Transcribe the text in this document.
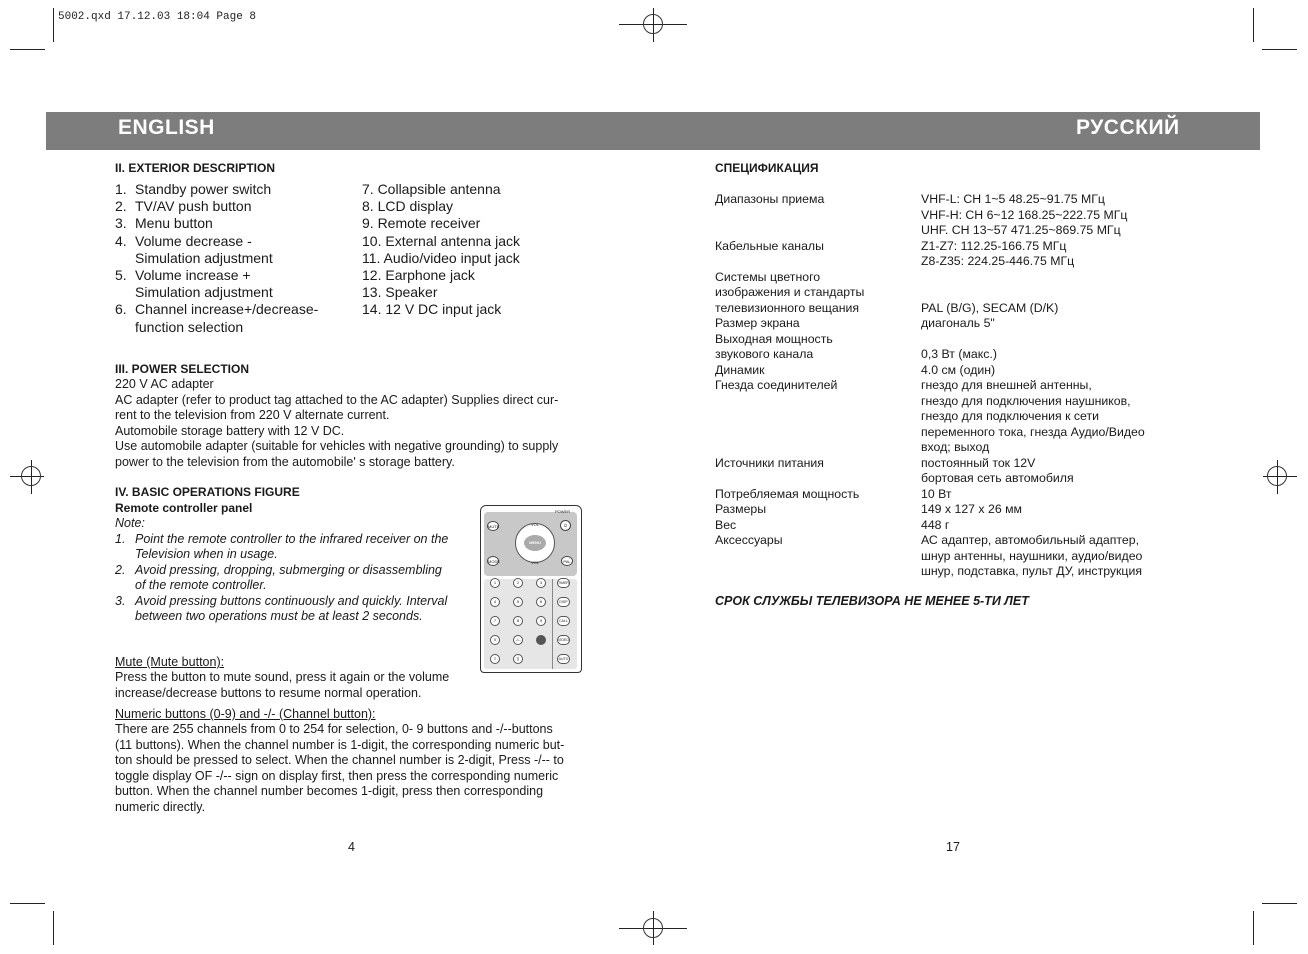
5002.qxd 17.12.03 18:04 Page 8
ENGLISH	РУССКИЙ
II. EXTERIOR DESCRIPTION
1. Standby power switch
2. TV/AV push button
3. Menu button
4. Volume decrease -
Simulation adjustment
5. Volume increase +
Simulation adjustment
6. Channel increase+/decrease-
function selection
7. Collapsible antenna
8. LCD display
9. Remote receiver
10. External antenna jack
11. Audio/video input jack
12. Earphone jack
13. Speaker
14. 12 V DC input jack
III. POWER SELECTION
220 V AC adapter
AC adapter (refer to product tag attached to the AC adapter) Supplies direct cur-
rent to the television from 220 V alternate current.
Automobile storage battery with 12 V DC.
Use automobile adapter (suitable for vehicles with negative grounding) to supply
power to the television from the automobile' s storage battery.
IV. BASIC OPERATIONS FIGURE
Remote controller panel
Note:
1. Point the remote controller to the infrared receiver on the
Television when in usage.
2. Avoid pressing, dropping, submerging or disassembling
of the remote controller.
3. Avoid pressing buttons continuously and quickly. Interval
between two operations must be at least 2 seconds.
POWER
⏻
MUTE
MENU
VOL
VOL
MODE	PAL
1	2	3
4	5	6
7	8	9
0	-/--
≡	∥
TIMER
DISP
CALL
VIDEO
AUTO
Mute (Mute button):
Press the button to mute sound, press it again or the volume
increase/decrease buttons to resume normal operation.
Numeric buttons (0-9) and -/- (Channel button):
There are 255 channels from 0 to 254 for selection, 0- 9 buttons and -/--buttons
(11 buttons). When the channel number is 1-digit, the corresponding numeric but-
ton should be pressed to select. When the channel number is 2-digit, Press -/-- to
toggle display OF -/-- sign on display first, then press the corresponding numeric
button. When the channel number becomes 1-digit, press then corresponding
numeric directly.
4
СПЕЦИФИКАЦИЯ
Диапазоны приема	VHF-L: CH 1~5 48.25~91.75 МГц
VHF-H: CH 6~12 168.25~222.75 МГц
UHF. CH 13~57 471.25~869.75 МГц
Кабельные каналы	Z1-Z7: 112.25-166.75 МГц
Z8-Z35: 224.25-446.75 МГц
Системы цветного
изображения и стандарты
телевизионного вещания	PAL (B/G), SECAM (D/K)
Размер экрана	диагональ 5"
Выходная мощность
звукового канала	0,3 Вт (макс.)
Динамик	4.0 см (один)
Гнезда соединителей	гнездо для внешней антенны,
гнездо для подключения наушников,
гнездо для подключения к сети
переменного тока, гнезда Аудио/Видео
вход; выход
Источники питания	постоянный ток 12V
бортовая сеть автомобиля
Потребляемая мощность	10 Вт
Размеры	149 x 127 x 26 мм
Вес	448 г
Аксессуары	АС адаптер, автомобильный адаптер,
шнур антенны, наушники, аудио/видео
шнур, подставка, пульт ДУ, инструкция
СРОК СЛУЖБЫ ТЕЛЕВИЗОРА НЕ МЕНЕЕ 5-ТИ ЛЕТ
17
